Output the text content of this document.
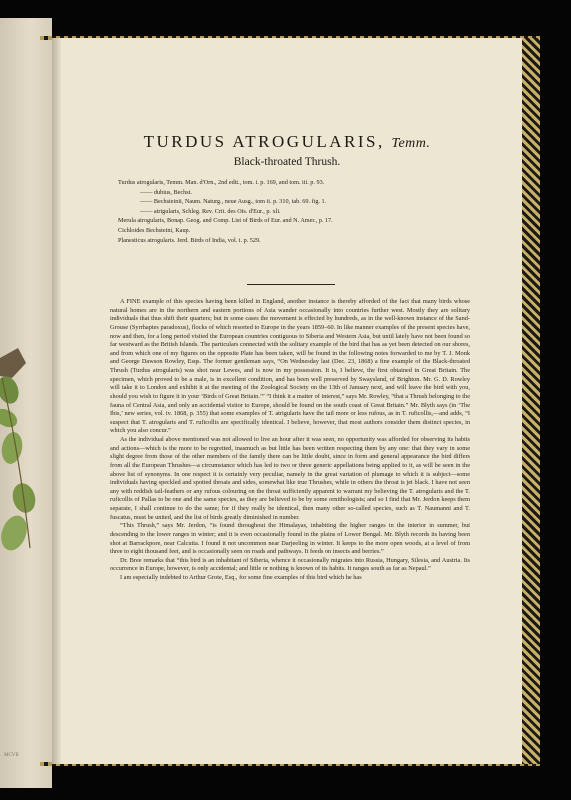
MCVII
TURDUS ATROGULARIS, Temm.
Black-throated Thrush.
Turdus atrogularis, Temm. Man. d'Orn., 2nd edit., tom. i. p. 169, and tom. iii. p. 93.
—— dubius, Bechst.
—— Bechsteinii, Naum. Naturg., neue Ausg., tom ii. p. 310, tab. 69. fig. 1.
—— atrigularis, Schleg. Rev. Crit. des Ois. d'Eur., p. xli.
Merula atrogularis, Bonap. Geog. and Comp. List of Birds of Eur. and N. Amer., p. 17.
Cichloides Bechsteini, Kaup.
Planesticus atrogularis. Jerd. Birds of India, vol. i. p. 529.

A FINE example of this species having been killed in England, another instance is thereby afforded of the fact that many birds whose natural homes are in the northern and eastern portions of Asia wander occasionally into countries further west. Mostly they are solitary individuals that thus shift their quarters; but in some cases the movement is effected by hundreds, as in the well-known instance of the Sand-Grouse (Syrrhaptes paradoxus), flocks of which resorted to Europe in the years 1859–60. In like manner examples of the present species have, now and then, for a long period visited the European countries contiguous to Siberia and Western Asia, but until lately have not been found so far westward as the British Islands. The particulars connected with the solitary example of the bird that has as yet been detected on our shores, and from which one of my figures on the opposite Plate has been taken, will be found in the following notes forwarded to me by T. J. Monk and George Dawson Rowley, Esqs. The former gentleman says, “On Wednesday last (Dec. 23, 1868) a fine example of the Black-throated Thrush (Turdus atrogularis) was shot near Lewes, and is now in my possession. It is, I believe, the first obtained in Great Britain. The specimen, which proved to be a male, is in excellent condition, and has been well preserved by Swaysland, of Brighton. Mr. G. D. Rowley will take it to London and exhibit it at the meeting of the Zoological Society on the 13th of January next, and will leave the bird with you, should you wish to figure it in your ‘Birds of Great Britain.’” “I think it a matter of interest,” says Mr. Rowley, “that a Thrush belonging to the fauna of Central Asia, and only an accidental visitor to Europe, should be found on the south coast of Great Britain.” Mr. Blyth says (in ‘The Ibis,’ new series, vol. iv. 1868, p. 355) that some examples of T. atrigularis have the tail more or less rufous, as in T. ruficollis,—and adds, “I suspect that T. atrogularis and T. ruficollis are specifically identical. I believe, however, that most authors consider them distinct species, in which you also concur.”

As the individual above mentioned was not allowed to live an hour after it was seen, no opportunity was afforded for observing its habits and actions—which is the more to be regretted, inasmuch as but little has been written respecting them by any one: that they vary in some slight degree from those of the other members of the family there can be little doubt, since in form and general appearance the bird differs from all the European Thrushes—a circumstance which has led to two or three generic appellations being applied to it, as will be seen in the above list of synonyms. In one respect it is certainly very peculiar, namely in the great variation of plumage to which it is subject—some individuals having speckled and spotted throats and sides, somewhat like true Thrushes, while in others the throat is jet black. I have not seen any with reddish tail-feathers or any rufous colouring on the throat sufficiently apparent to warrant my believing the T. atrogularis and the T. ruficollis of Pallas to be one and the same species, as they are believed to be by some ornithologists; and so I find that Mr. Jerdon keeps them separate, I shall continue to do the same; for if they really be identical, then many other so-called species, such as T. Naumanni and T. fuscatus, must be united, and the list of birds greatly diminished in number.

“This Thrush,” says Mr. Jerdon, “is found throughout the Himalayas, inhabiting the higher ranges in the interior in summer, but descending to the lower ranges in winter; and it is even occasionally found in the plains of Lower Bengal. Mr. Blyth records its having been shot at Barrackpore, near Calcutta. I found it not uncommon near Darjeeling in winter. It keeps to the more open woods, at a level of from three to eight thousand feet, and is occasionally seen on roads and pathways. It feeds on insects and berries.”

Dr. Bree remarks that “this bird is an inhabitant of Siberia, whence it occasionally migrates into Russia, Hungary, Silesia, and Austria. Its occurrence in Europe, however, is only accidental; and little or nothing is known of its habits. It ranges south as far as Nepaul.”

I am especially indebted to Arthur Grote, Esq., for some fine examples of this bird which he has
